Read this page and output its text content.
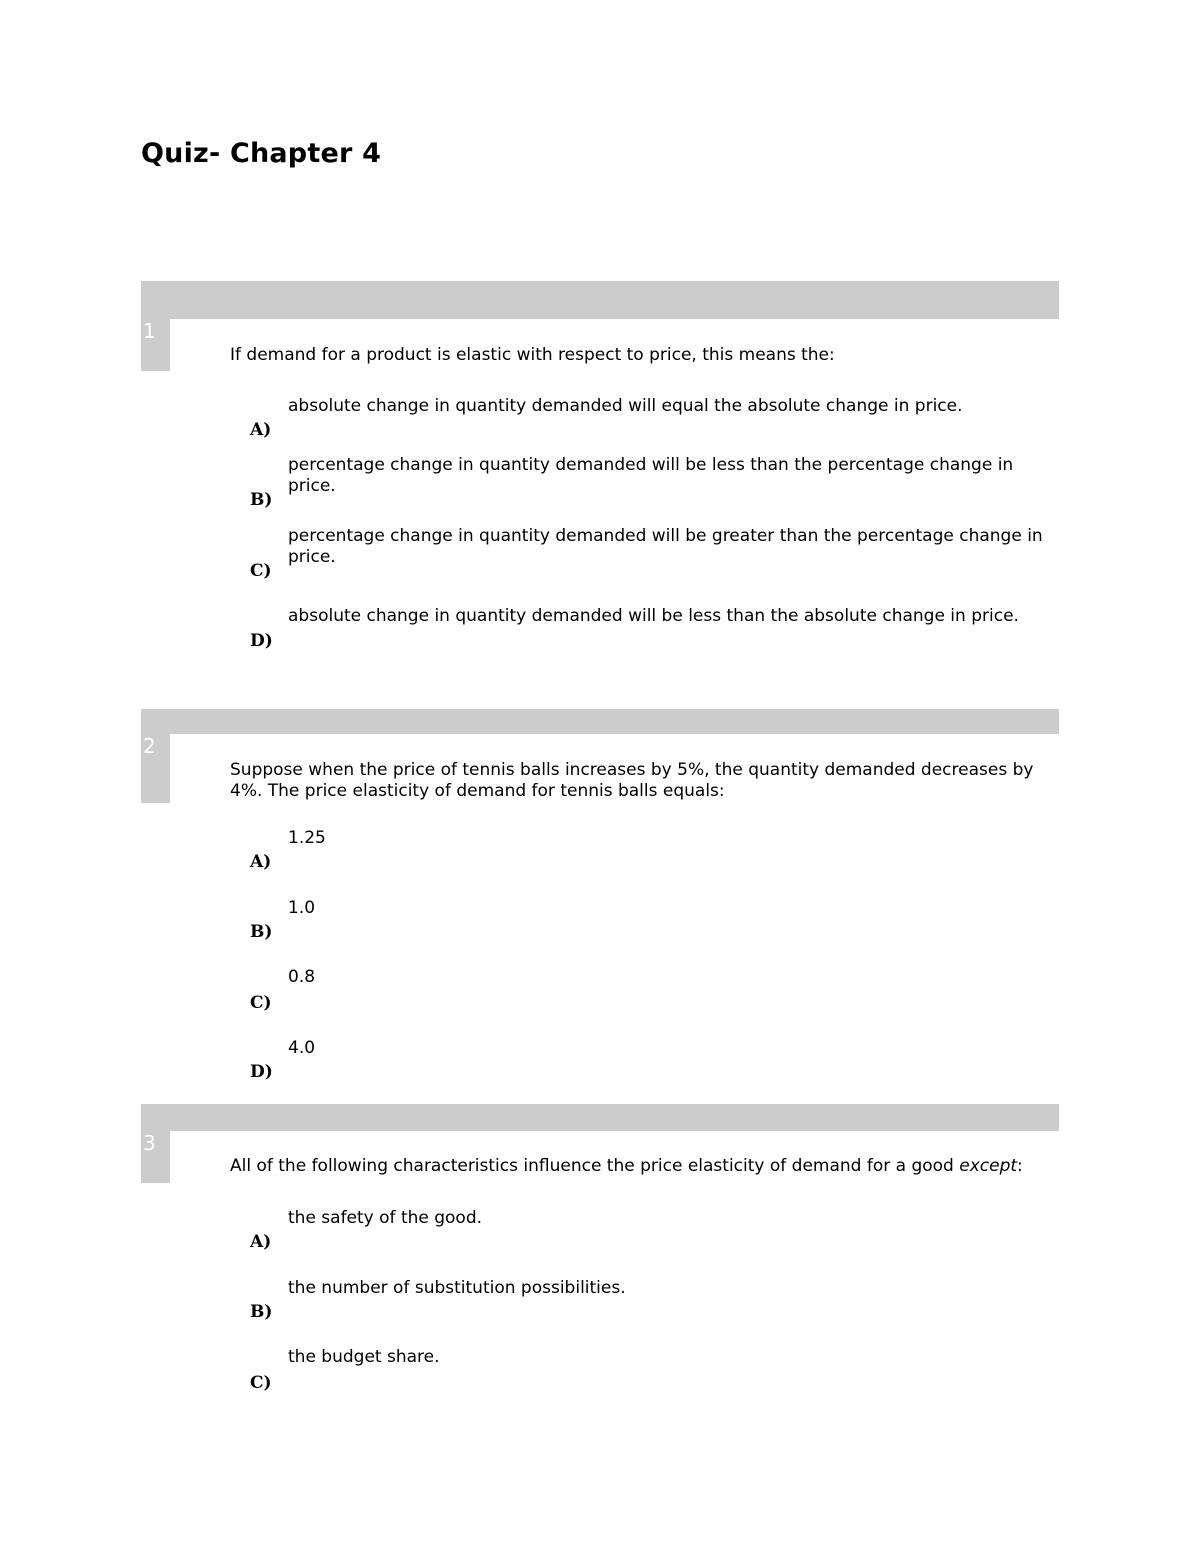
Quiz- Chapter 4
1
If demand for a product is elastic with respect to price, this means the:
absolute change in quantity demanded will equal the absolute change in price.
A)
percentage change in quantity demanded will be less than the percentage change in price.
B)
percentage change in quantity demanded will be greater than the percentage change in price.
C)
absolute change in quantity demanded will be less than the absolute change in price.
D)
2
Suppose when the price of tennis balls increases by 5%, the quantity demanded decreases by 4%. The price elasticity of demand for tennis balls equals:
1.25
A)
1.0
B)
0.8
C)
4.0
D)
3
All of the following characteristics influence the price elasticity of demand for a good except:
the safety of the good.
A)
the number of substitution possibilities.
B)
the budget share.
C)
